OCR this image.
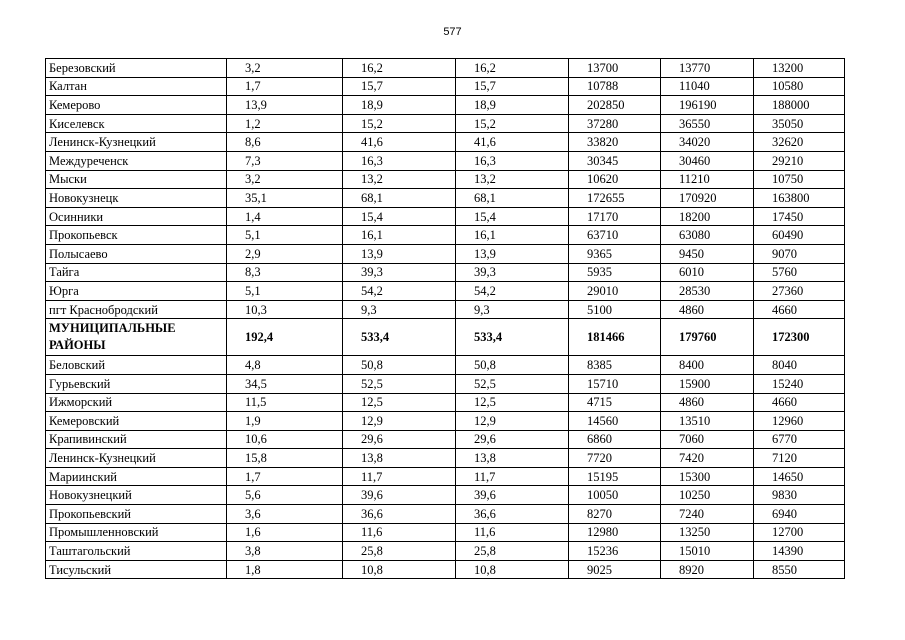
577
Березовский	3,2	16,2	16,2	13700	13770	13200
Калтан	1,7	15,7	15,7	10788	11040	10580
Кемерово	13,9	18,9	18,9	202850	196190	188000
Киселевск	1,2	15,2	15,2	37280	36550	35050
Ленинск-Кузнецкий	8,6	41,6	41,6	33820	34020	32620
Междуреченск	7,3	16,3	16,3	30345	30460	29210
Мыски	3,2	13,2	13,2	10620	11210	10750
Новокузнецк	35,1	68,1	68,1	172655	170920	163800
Осинники	1,4	15,4	15,4	17170	18200	17450
Прокопьевск	5,1	16,1	16,1	63710	63080	60490
Полысаево	2,9	13,9	13,9	9365	9450	9070
Тайга	8,3	39,3	39,3	5935	6010	5760
Юрга	5,1	54,2	54,2	29010	28530	27360
пгт Краснобродский	10,3	9,3	9,3	5100	4860	4660
МУНИЦИПАЛЬНЫЕ РАЙОНЫ	192,4	533,4	533,4	181466	179760	172300
Беловский	4,8	50,8	50,8	8385	8400	8040
Гурьевский	34,5	52,5	52,5	15710	15900	15240
Ижморский	11,5	12,5	12,5	4715	4860	4660
Кемеровский	1,9	12,9	12,9	14560	13510	12960
Крапивинский	10,6	29,6	29,6	6860	7060	6770
Ленинск-Кузнецкий	15,8	13,8	13,8	7720	7420	7120
Мариинский	1,7	11,7	11,7	15195	15300	14650
Новокузнецкий	5,6	39,6	39,6	10050	10250	9830
Прокопьевский	3,6	36,6	36,6	8270	7240	6940
Промышленновский	1,6	11,6	11,6	12980	13250	12700
Таштагольский	3,8	25,8	25,8	15236	15010	14390
Тисульский	1,8	10,8	10,8	9025	8920	8550
